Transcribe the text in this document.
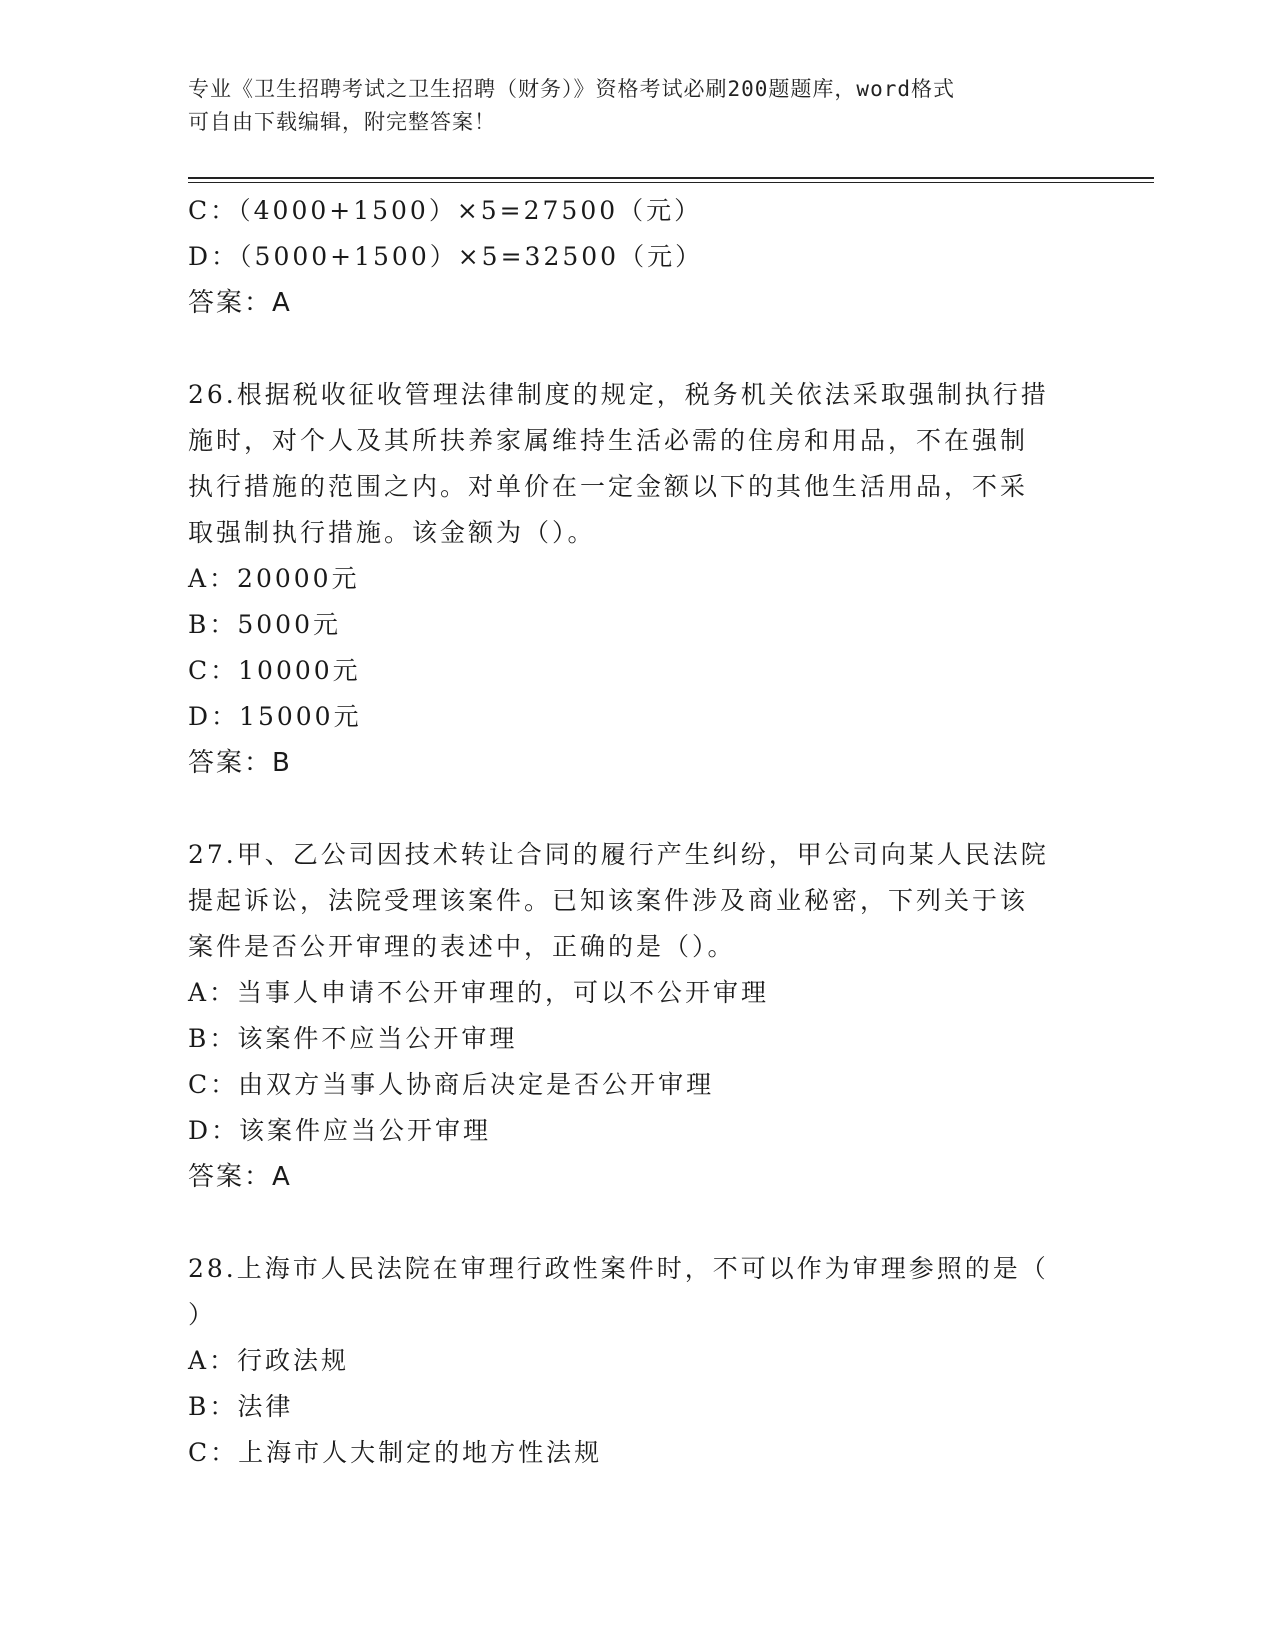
专业《卫生招聘考试之卫生招聘（财务）》资格考试必刷200题题库，word格式
可自由下载编辑，附完整答案！
C：（4000+1500）×5=27500（元）
D：（5000+1500）×5=32500（元）
答案：A
26.根据税收征收管理法律制度的规定，税务机关依法采取强制执行措
施时，对个人及其所扶养家属维持生活必需的住房和用品，不在强制
执行措施的范围之内。对单价在一定金额以下的其他生活用品，不采
取强制执行措施。该金额为（）。
A：20000元
B：5000元
C：10000元
D：15000元
答案：B
27.甲、乙公司因技术转让合同的履行产生纠纷，甲公司向某人民法院
提起诉讼，法院受理该案件。已知该案件涉及商业秘密，下列关于该
案件是否公开审理的表述中，正确的是（）。
A：当事人申请不公开审理的，可以不公开审理
B：该案件不应当公开审理
C：由双方当事人协商后决定是否公开审理
D：该案件应当公开审理
答案：A
28.上海市人民法院在审理行政性案件时，不可以作为审理参照的是（
）
A：行政法规
B：法律
C：上海市人大制定的地方性法规
